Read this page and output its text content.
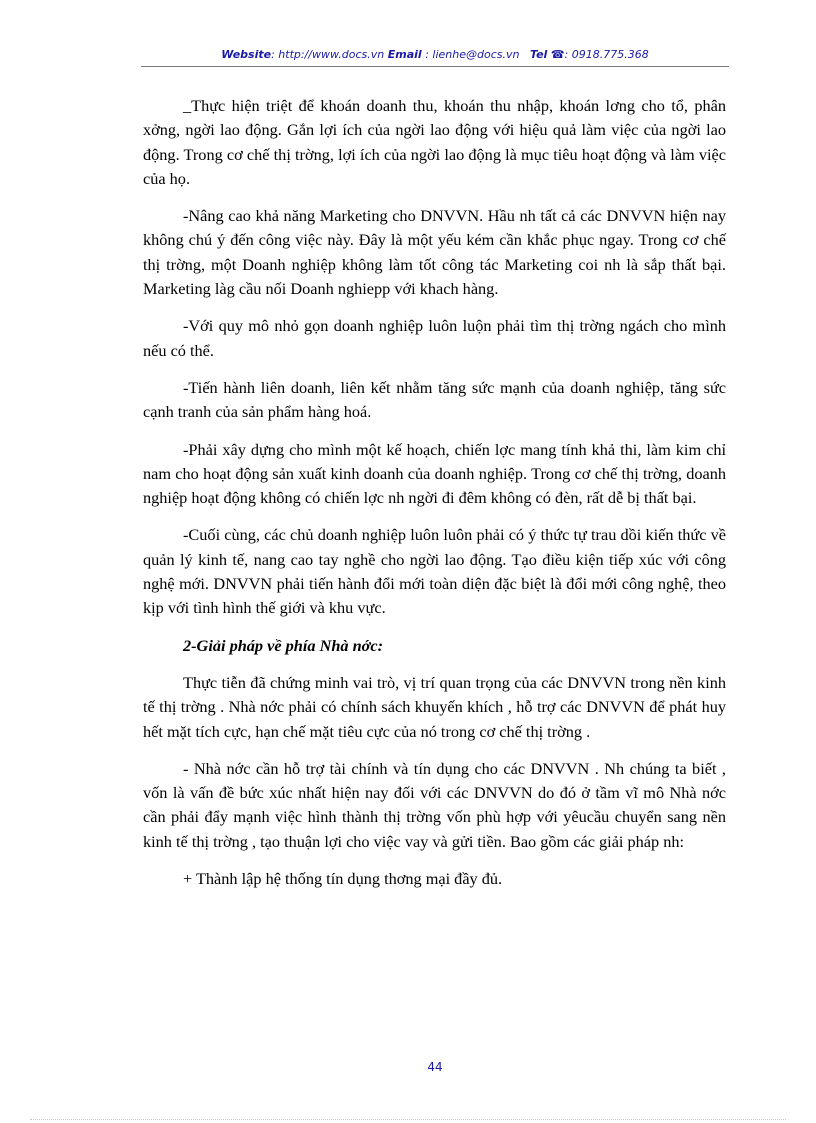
Website: http://www.docs.vn Email : lienhe@docs.vn Tel ☎: 0918.775.368

_Thực hiện triệt để khoán doanh thu, khoán thu nhập, khoán lơng cho tổ, phân xởng, ngời lao động. Gắn lợi ích của ngời lao động với hiệu quả làm việc của ngời lao động. Trong cơ chế thị trờng, lợi ích của ngời lao động là mục tiêu hoạt động và làm việc của họ.

-Nâng cao khả năng Marketing cho DNVVN. Hầu nh tất cả các DNVVN hiện nay không chú ý đến công việc này. Đây là một yếu kém cần khắc phục ngay. Trong cơ chế thị trờng, một Doanh nghiệp không làm tốt công tác Marketing coi nh là sắp thất bại. Marketing làg cầu nối Doanh nghiepp với khach hàng.

-Với quy mô nhỏ gọn doanh nghiệp luôn luộn phải tìm thị trờng ngách cho mình nếu có thể.

-Tiến hành liên doanh, liên kết nhằm tăng sức mạnh của doanh nghiệp, tăng sức cạnh tranh của sản phẩm hàng hoá.

-Phải xây dựng cho mình một kế hoạch, chiến lợc mang tính khả thi, làm kim chỉ nam cho hoạt động sản xuất kinh doanh của doanh nghiệp. Trong cơ chế thị trờng, doanh nghiệp hoạt động không có chiến lợc nh ngời đi đêm không có đèn, rất dễ bị thất bại.

-Cuối cùng, các chủ doanh nghiệp luôn luôn phải có ý thức tự trau dồi kiến thức về quản lý kinh tế, nang cao tay nghề cho ngời lao động. Tạo điều kiện tiếp xúc với công nghệ mới. DNVVN phải tiến hành đổi mới toàn diện đặc biệt là đổi mới công nghệ, theo kịp với tình hình thế giới và khu vực.

2-Giải pháp về phía Nhà nớc:

Thực tiễn đã chứng minh vai trò, vị trí quan trọng của các DNVVN trong nền kinh tế thị trờng . Nhà nớc phải có chính sách khuyến khích , hỗ trợ các DNVVN để phát huy hết mặt tích cực, hạn chế mặt tiêu cực của nó trong cơ chế thị trờng .

- Nhà nớc cần hỗ trợ tài chính và tín dụng cho các DNVVN . Nh chúng ta biết , vốn là vấn đề bức xúc nhất hiện nay đối với các DNVVN do đó ở tầm vĩ mô Nhà nớc cần phải đẩy mạnh việc hình thành thị trờng vốn phù hợp với yêucầu chuyển sang nền kinh tế thị trờng , tạo thuận lợi cho việc vay và gửi tiền. Bao gồm các giải pháp nh:

+ Thành lập hệ thống tín dụng thơng mại đầy đủ.

44
